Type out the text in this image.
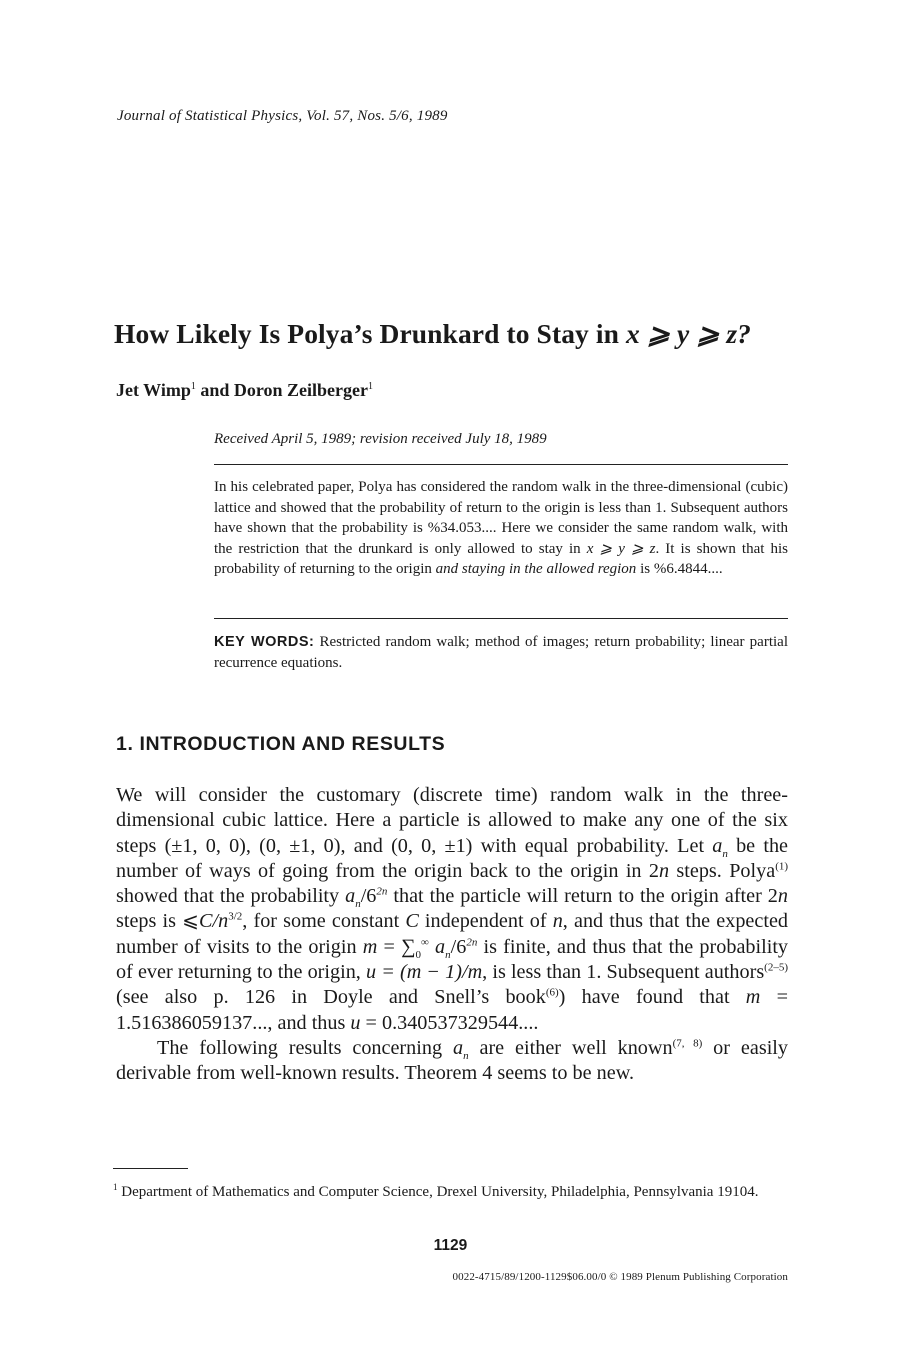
Journal of Statistical Physics, Vol. 57, Nos. 5/6, 1989
How Likely Is Polya’s Drunkard to Stay in x ⩾ y ⩾ z?
Jet Wimp$^1$ and Doron Zeilberger$^1$
Received April 5, 1989; revision received July 18, 1989
In his celebrated paper, Polya has considered the random walk in the three-dimensional (cubic) lattice and showed that the probability of return to the origin is less than 1. Subsequent authors have shown that the probability is %34.053.... Here we consider the same random walk, with the restriction that the drunkard is only allowed to stay in x ⩾ y ⩾ z. It is shown that his probability of returning to the origin and staying in the allowed region is %6.4844....
KEY WORDS: Restricted random walk; method of images; return probability; linear partial recurrence equations.
1. INTRODUCTION AND RESULTS

We will consider the customary (discrete time) random walk in the three-dimensional cubic lattice. Here a particle is allowed to make any one of the six steps (±1, 0, 0), (0, ±1, 0), and (0, 0, ±1) with equal probability. Let $a_n$ be the number of ways of going from the origin back to the origin in 2n steps. Polya$^{(1)}$ showed that the probability $a_n/6^{2n}$ that the particle will return to the origin after 2n steps is $⩽C/n^{3/2}$, for some constant C independent of n, and thus that the expected number of visits to the origin $m = \sum_0^\infty$ $a_n/6^{2n}$ is finite, and thus that the probability of ever returning to the origin, u = (m − 1)/m, is less than 1. Subsequent authors$^{(2-5)}$ (see also p. 126 in Doyle and Snell’s book$^{(6)}$) have found that m = 1.516386059137..., and thus u = 0.340537329544....

The following results concerning $a_n$ are either well known$^{(7, 8)}$ or easily derivable from well-known results. Theorem 4 seems to be new.

$^1$ Department of Mathematics and Computer Science, Drexel University, Philadelphia, Pennsylvania 19104.
1129
0022-4715/89/1200-1129$06.00/0 © 1989 Plenum Publishing Corporation
